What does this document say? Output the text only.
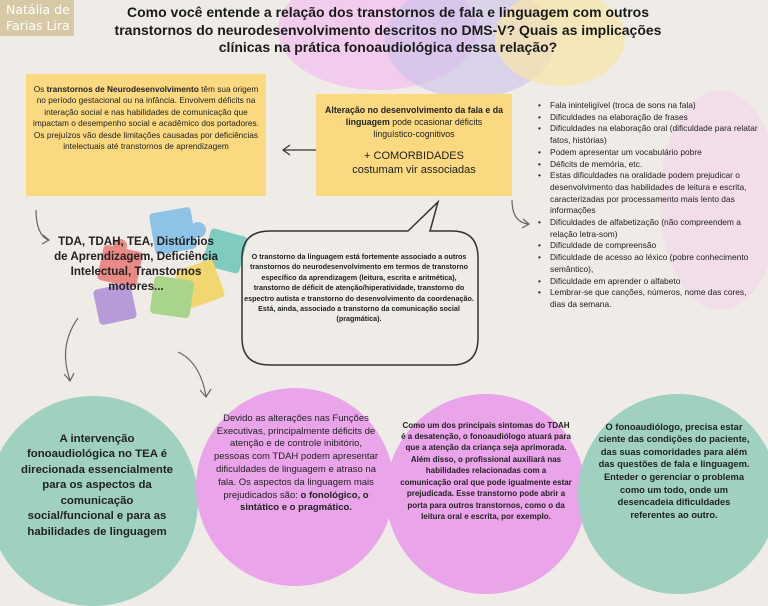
Natália de
Farias Lira
Como você entende a relação dos transtornos de fala e linguagem com outros transtornos do neurodesenvolvimento descritos no DMS-V? Quais as implicações clínicas na prática fonoaudiológica dessa relação?
Os transtornos de Neurodesenvolvimento têm sua origem no período gestacional ou na infância. Envolvem déficits na interação social e nas habilidades de comunicação que impactam o desempenho social e acadêmico dos portadores. Os prejuízos vão desde limitações causadas por deficiências intelectuais até transtornos de aprendizagem
Alteração no desenvolvimento da fala e da linguagem pode ocasionar déficits linguístico-cognitivos
+ COMORBIDADES
costumam vir associadas
• Fala ininteligível (troca de sons na fala)
• Dificuldades na elaboração de frases
• Dificuldades na elaboração oral (dificuldade para relatar fatos, histórias)
• Podem apresentar um vocabulário pobre
• Déficits de memória, etc.
• Estas dificuldades na oralidade podem prejudicar o desenvolvimento das habilidades de leitura e escrita, caracterizadas por processamento mais lento das informações
• Dificuldades de alfabetização (não compreendem a relação letra-som)
• Dificuldade de compreensão
• Dificuldade de acesso ao léxico (pobre conhecimento semântico),
• Dificuldade em aprender o alfabeto
• Lembrar-se que canções, números, nome das cores, dias da semana.
TDA, TDAH, TEA, Distúrbios de Aprendizagem, Deficiência Intelectual, Transtornos motores...
O transtorno da linguagem está fortemente associado a outros transtornos do neurodesenvolvimento em termos de transtorno específico da aprendizagem (leitura, escrita e aritmética), transtorno de déficit de atenção/hiperatividade, transtorno do espectro autista e transtorno do desenvolvimento da coordenação. Está, ainda, associado a transtorno da comunicação social (pragmática).
A intervenção fonoaudiológica no TEA é direcionada essencialmente para os aspectos da comunicação social/funcional e para as habilidades de linguagem
Devido as alterações nas Funções Executivas, principalmente déficits de atenção e de controle inibitório, pessoas com TDAH podem apresentar dificuldades de linguagem e atraso na fala. Os aspectos da linguagem mais prejudicados são: o fonológico, o sintático e o pragmático.
Como um dos principais sintomas do TDAH é a desatenção, o fonoaudiólogo atuará para que a atenção da criança seja aprimorada. Além disso, o profissional auxiliará nas habilidades relacionadas com a comunicação oral que pode igualmente estar prejudicada. Esse transtorno pode abrir a porta para outros transtornos, como o da leitura oral e escrita, por exemplo.
O fonoaudiólogo, precisa estar ciente das condições do paciente, das suas comoridades para além das questões de fala e linguagem. Enteder o gerenciar o problema como um todo, onde um desencadeia dificuldades referentes ao outro.
